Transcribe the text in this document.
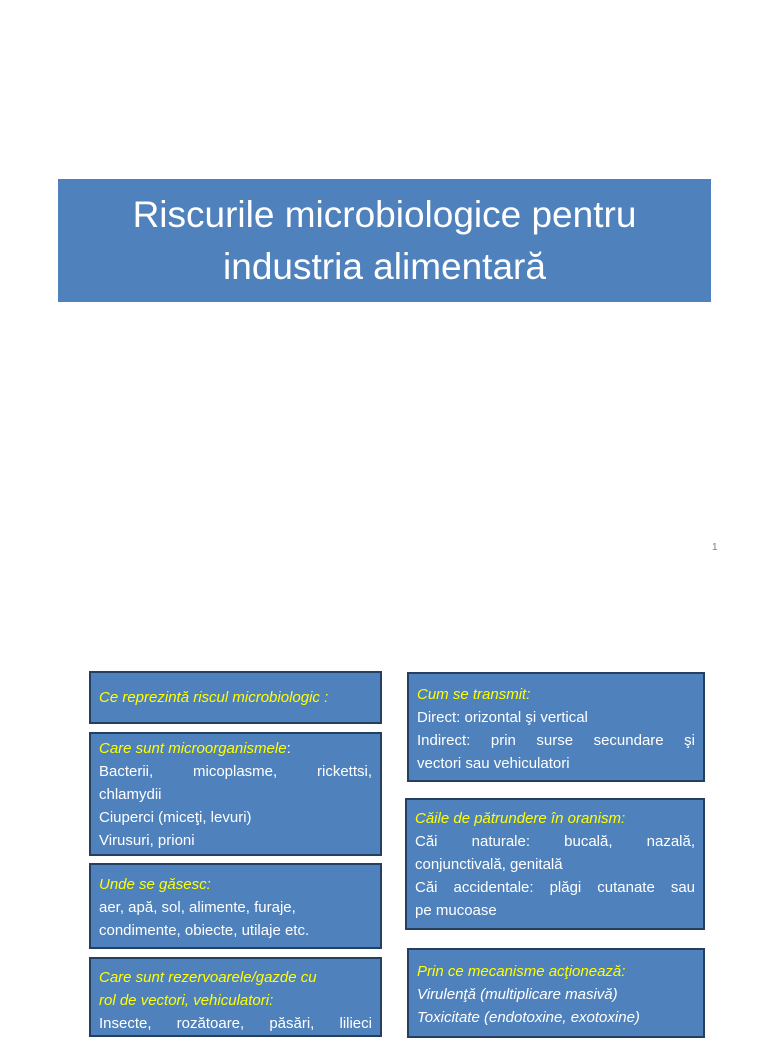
Riscurile microbiologice pentru
industria alimentară
1
Ce reprezintă riscul microbiologic :
Care sunt microorganismele:
Bacterii, micoplasme, rickettsi,
chlamydii
Ciuperci (miceţi, levuri)
Virusuri, prioni
Unde se găsesc:
aer, apă, sol, alimente, furaje,
condimente, obiecte, utilaje etc.
Care sunt rezervoarele/gazde cu
rol de vectori, vehiculatori:
Insecte, rozătoare, păsări, lilieci
Cum se transmit:
Direct: orizontal şi vertical
Indirect: prin surse secundare şi
vectori sau vehiculatori
Căile de pătrundere în oranism:
Căi naturale: bucală, nazală,
conjunctivală, genitală
Căi accidentale: plăgi cutanate sau
pe mucoase
Prin ce mecanisme acţionează:
Virulenţă (multiplicare masivă)
Toxicitate (endotoxine, exotoxine)
